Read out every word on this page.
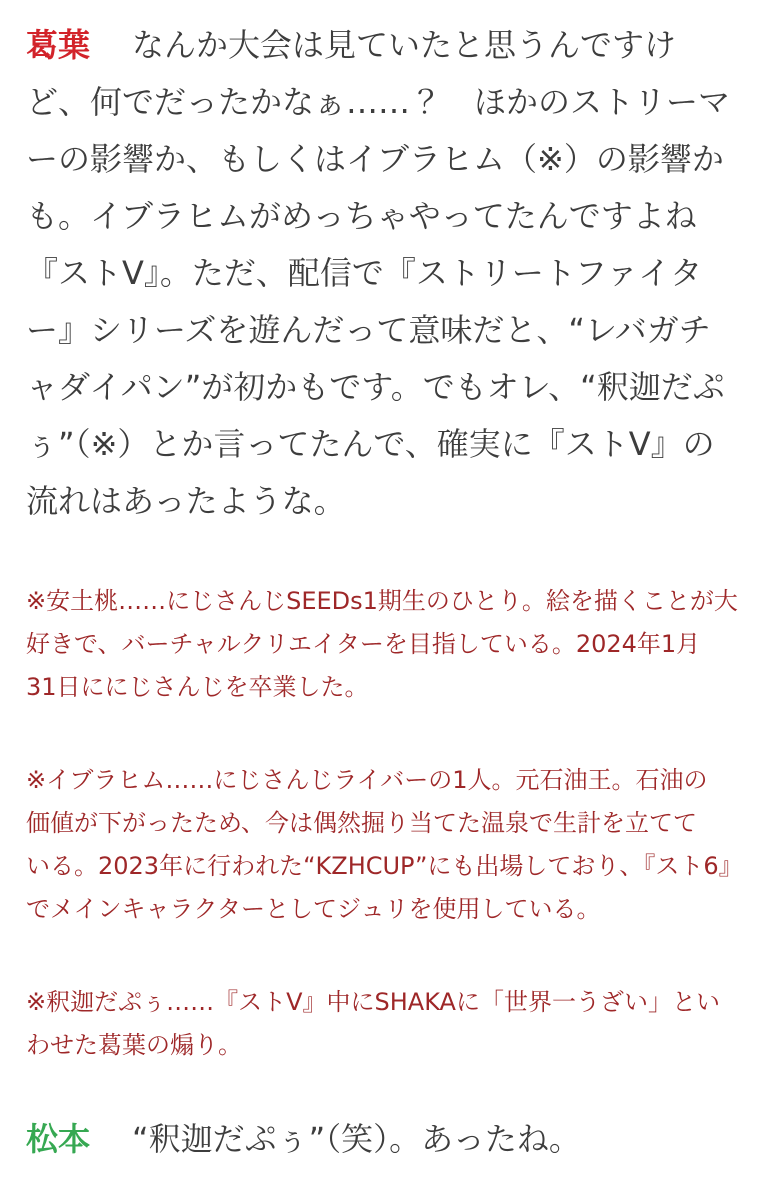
葛葉 なんか大会は見ていたと思うんですけ
ど、何でだったかなぁ……？　ほかのストリーマ
ーの影響か、もしくはイブラヒム（※）の影響か
も。イブラヒムがめっちゃやってたんですよね
『ストV』。ただ、配信で『ストリートファイタ
ー』シリーズを遊んだって意味だと、“レバガチ
ャダイパン”が初かもです。でもオレ、“釈迦だぷ
ぅ”（※）とか言ってたんで、確実に『ストV』の
流れはあったような。

※安土桃……にじさんじSEEDs1期生のひとり。絵を描くことが大
好きで、バーチャルクリエイターを目指している。2024年1月
31日ににじさんじを卒業した。

※イブラヒム……にじさんじライバーの1人。元石油王。石油の
価値が下がったため、今は偶然掘り当てた温泉で生計を立てて
いる。2023年に行われた“KZHCUP”にも出場しており、『スト6』
でメインキャラクターとしてジュリを使用している。

※釈迦だぷぅ……『ストV』中にSHAKAに「世界一うざい」とい
わせた葛葉の煽り。

松本 “釈迦だぷぅ”（笑）。あったね。
